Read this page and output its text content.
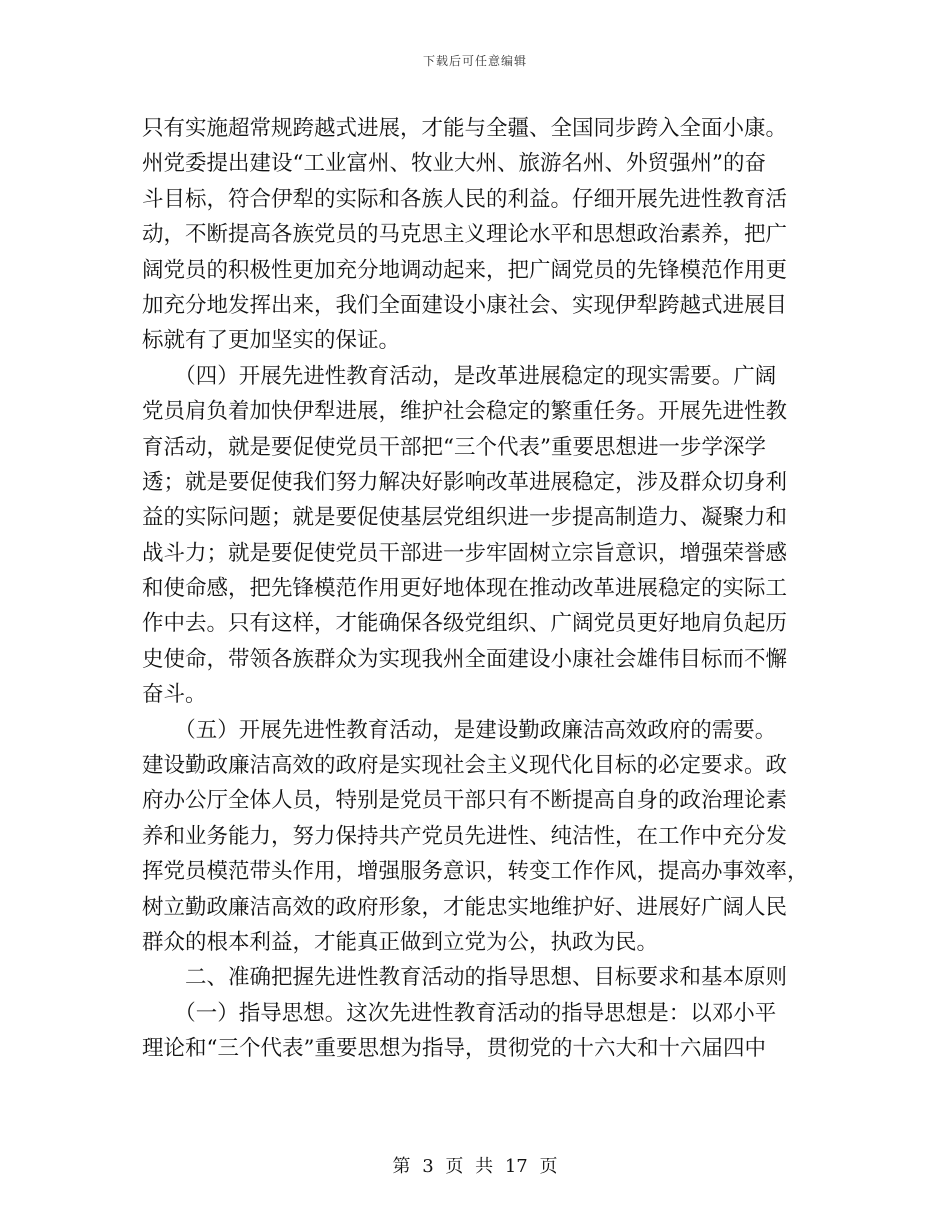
下载后可任意编辑
只有实施超常规跨越式进展，才能与全疆、全国同步跨入全面小康。
州党委提出建设“工业富州、牧业大州、旅游名州、外贸强州”的奋
斗目标，符合伊犁的实际和各族人民的利益。仔细开展先进性教育活
动，不断提高各族党员的马克思主义理论水平和思想政治素养，把广
阔党员的积极性更加充分地调动起来，把广阔党员的先锋模范作用更
加充分地发挥出来，我们全面建设小康社会、实现伊犁跨越式进展目
标就有了更加坚实的保证。
　　（四）开展先进性教育活动，是改革进展稳定的现实需要。广阔
党员肩负着加快伊犁进展，维护社会稳定的繁重任务。开展先进性教
育活动，就是要促使党员干部把“三个代表”重要思想进一步学深学
透；就是要促使我们努力解决好影响改革进展稳定，涉及群众切身利
益的实际问题；就是要促使基层党组织进一步提高制造力、凝聚力和
战斗力；就是要促使党员干部进一步牢固树立宗旨意识，增强荣誉感
和使命感，把先锋模范作用更好地体现在推动改革进展稳定的实际工
作中去。只有这样，才能确保各级党组织、广阔党员更好地肩负起历
史使命，带领各族群众为实现我州全面建设小康社会雄伟目标而不懈
奋斗。
　　（五）开展先进性教育活动，是建设勤政廉洁高效政府的需要。
建设勤政廉洁高效的政府是实现社会主义现代化目标的必定要求。政
府办公厅全体人员，特别是党员干部只有不断提高自身的政治理论素
养和业务能力，努力保持共产党员先进性、纯洁性，在工作中充分发
挥党员模范带头作用，增强服务意识，转变工作作风，提高办事效率，
树立勤政廉洁高效的政府形象，才能忠实地维护好、进展好广阔人民
群众的根本利益，才能真正做到立党为公，执政为民。
　　二、准确把握先进性教育活动的指导思想、目标要求和基本原则
　　（一）指导思想。这次先进性教育活动的指导思想是：以邓小平
理论和“三个代表”重要思想为指导，贯彻党的十六大和十六届四中
第 3 页 共 17 页
